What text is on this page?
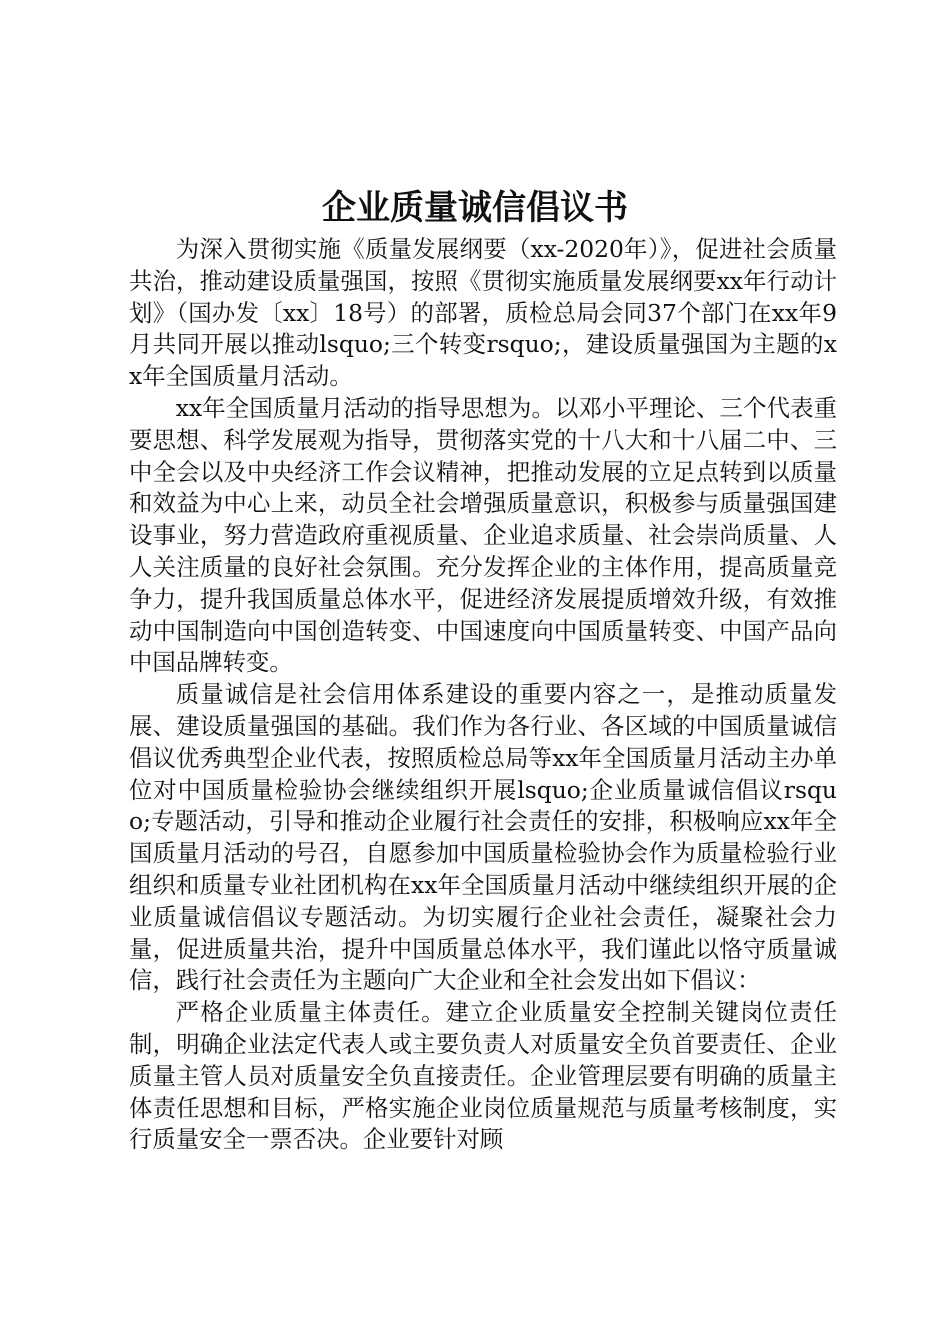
企业质量诚信倡议书

为深入贯彻实施《质量发展纲要（xx-2020年）》，促进社会质量共治，推动建设质量强国，按照《贯彻实施质量发展纲要xx年行动计划》（国办发〔xx〕18号）的部署，质检总局会同37个部门在xx年9月共同开展以推动lsquo;三个转变rsquo;，建设质量强国为主题的xx年全国质量月活动。

xx年全国质量月活动的指导思想为。以邓小平理论、三个代表重要思想、科学发展观为指导，贯彻落实党的十八大和十八届二中、三中全会以及中央经济工作会议精神，把推动发展的立足点转到以质量和效益为中心上来，动员全社会增强质量意识，积极参与质量强国建设事业，努力营造政府重视质量、企业追求质量、社会崇尚质量、人人关注质量的良好社会氛围。充分发挥企业的主体作用，提高质量竞争力，提升我国质量总体水平，促进经济发展提质增效升级，有效推动中国制造向中国创造转变、中国速度向中国质量转变、中国产品向中国品牌转变。

质量诚信是社会信用体系建设的重要内容之一，是推动质量发展、建设质量强国的基础。我们作为各行业、各区域的中国质量诚信倡议优秀典型企业代表，按照质检总局等xx年全国质量月活动主办单位对中国质量检验协会继续组织开展lsquo;企业质量诚信倡议rsquo;专题活动，引导和推动企业履行社会责任的安排，积极响应xx年全国质量月活动的号召，自愿参加中国质量检验协会作为质量检验行业组织和质量专业社团机构在xx年全国质量月活动中继续组织开展的企业质量诚信倡议专题活动。为切实履行企业社会责任，凝聚社会力量，促进质量共治，提升中国质量总体水平，我们谨此以恪守质量诚信，践行社会责任为主题向广大企业和全社会发出如下倡议：

严格企业质量主体责任。建立企业质量安全控制关键岗位责任制，明确企业法定代表人或主要负责人对质量安全负首要责任、企业质量主管人员对质量安全负直接责任。企业管理层要有明确的质量主体责任思想和目标，严格实施企业岗位质量规范与质量考核制度，实行质量安全一票否决。企业要针对顾
